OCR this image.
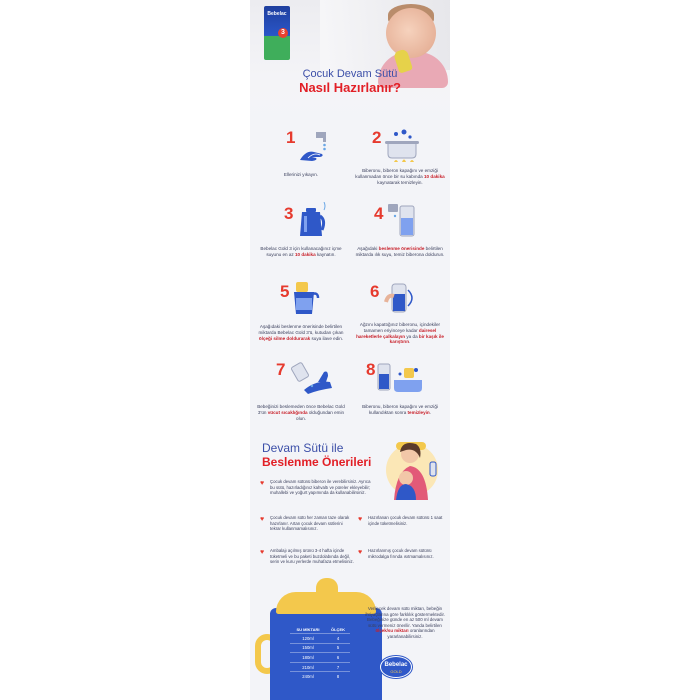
Bebelac
3
Çocuk Devam Sütü
Nasıl Hazırlanır?
1
Ellerinizi yıkayın.
2
Biberonu, biberon kapağını ve emziği kullanmadan önce bir su kabında 10 dakika kaynatarak temizleyin.
3
Bebelac Gold 3 için kullanacağınız içme suyunu en az 10 dakika kaynatın.
4
Aşağıdaki beslenme önerisinde belirtilen miktarda ılık suyu, temiz biberona doldurun.
5
Aşağıdaki beslenme önerisinde belirtilen miktarda Bebelac Gold 3'ü, kutudan çıkan ölçeği silme doldurarak suya ilave edin.
6
Ağzını kapattığınız biberonu, içindekiler tamamen eriyinceye kadar dairesel hareketlerle çalkalayın ya da bir kaşık ile karıştırın.
7
Bebeğinizi beslemeden önce Bebelac Gold 3'ün vücut sıcaklığında olduğundan emin olun.
8
Biberonu, biberon kapağını ve emziği kullandıktan sonra temizleyin.
Devam Sütü ile
Beslenme Önerileri
♥ Çocuk devam sütünü biberon ile verebilirsiniz. Ayrıca bu sütü, hazırladığınız kahvaltı ve püreler ekleyebilir; muhallebi ve yoğurt yapımında da kullanabilirsiniz.
♥ Çocuk devam sütü her zaman taze olarak hazırlanır. Artan çocuk devam sütlerini tekrar kullanmamalısınız.
♥ Hazırlanan çocuk devam sütünü 1 saat içinde tüketmelisiniz.
♥ Ambalajı açılmış ürünü 3-4 hafta içinde tüketmeli ve bu paketi buzdolabında değil, serin ve kuru yerlerde muhafaza etmelisiniz.
♥ Hazırlanmış çocuk devam sütünü mikrodalga fırında ısıtmamalısınız.
SU MİKTARI	ÖLÇEK
120ml	4
150ml	5
180ml	6
210ml	7
240ml	8
Verilecek devam sütü miktarı, bebeğin ihtiyaçlarına göre farklılık göstermektedir. Bebeğinize günde en az 500 ml devam sütü vermeniz önerilir. Yanda belirtilen ölçek/su miktarı oranlarından yararlanabilirsiniz.
Bebelac
GOLD
